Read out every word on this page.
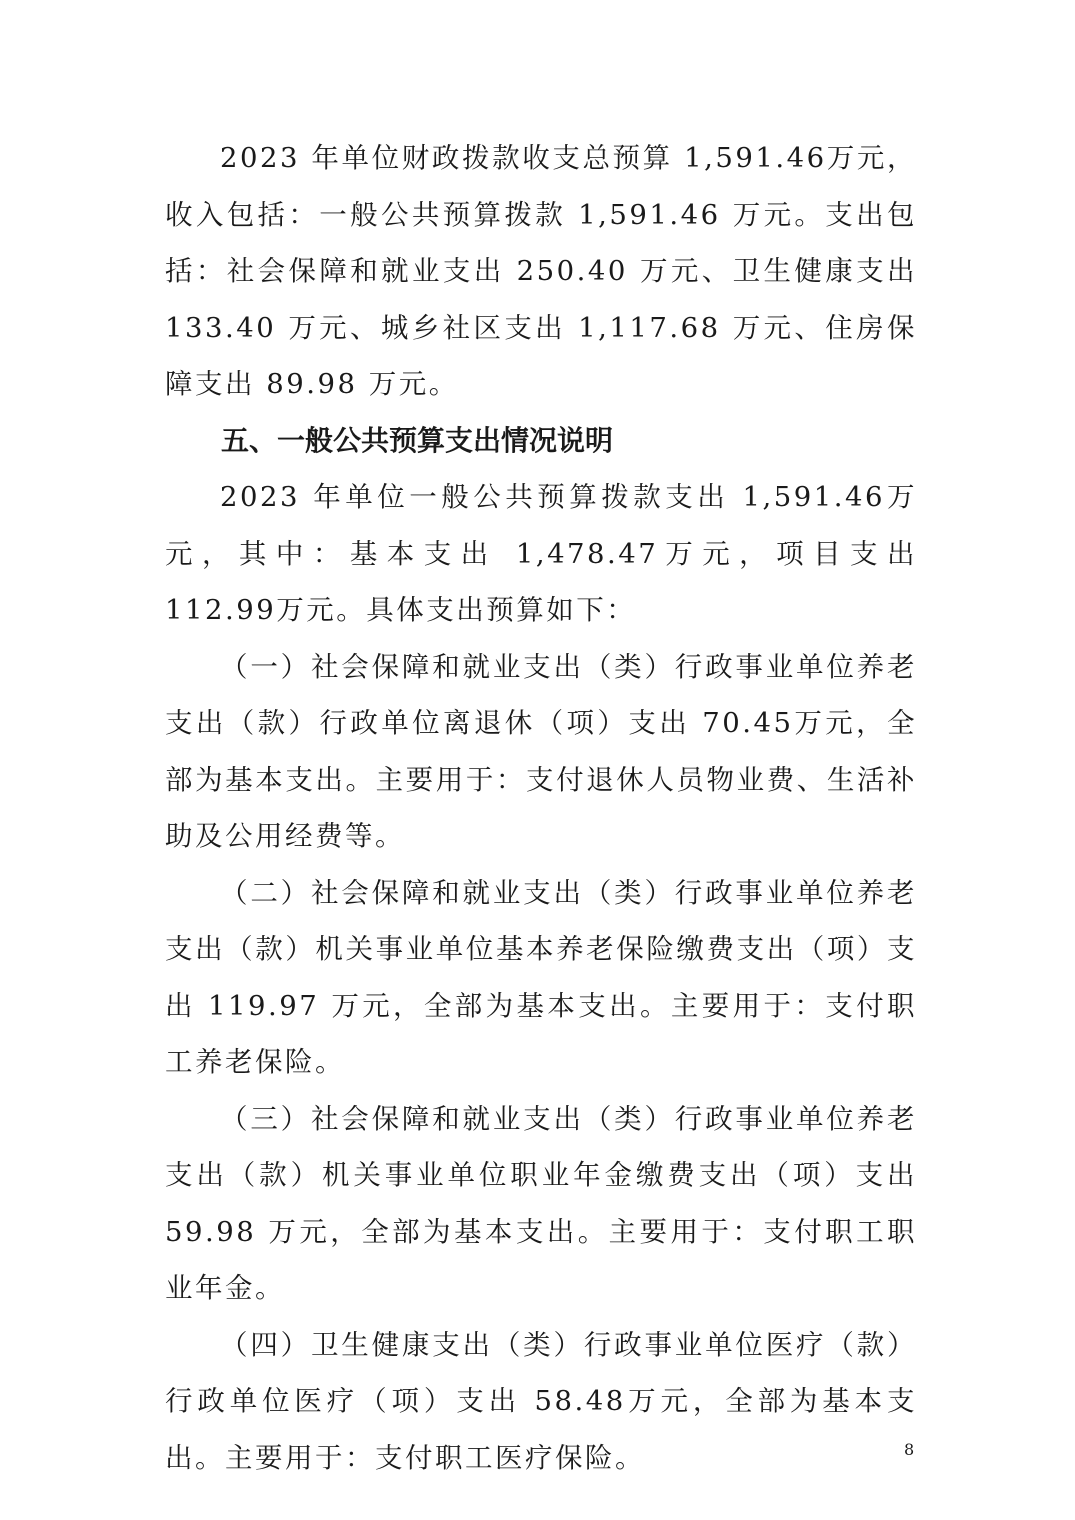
2023 年单位财政拨款收支总预算 1,591.46万元，收入包括：一般公共预算拨款 1,591.46 万元。支出包括：社会保障和就业支出 250.40 万元、卫生健康支出 133.40 万元、城乡社区支出 1,117.68 万元、住房保障支出 89.98 万元。

五、一般公共预算支出情况说明

2023 年单位一般公共预算拨款支出 1,591.46万元，其中：基本支出 1,478.47万元，项目支出 112.99万元。具体支出预算如下：

（一）社会保障和就业支出（类）行政事业单位养老支出（款）行政单位离退休（项）支出 70.45万元，全部为基本支出。主要用于：支付退休人员物业费、生活补助及公用经费等。

（二）社会保障和就业支出（类）行政事业单位养老支出（款）机关事业单位基本养老保险缴费支出（项）支出 119.97 万元，全部为基本支出。主要用于：支付职工养老保险。

（三）社会保障和就业支出（类）行政事业单位养老支出（款）机关事业单位职业年金缴费支出（项）支出 59.98 万元，全部为基本支出。主要用于：支付职工职业年金。

（四）卫生健康支出（类）行政事业单位医疗（款）行政单位医疗（项）支出 58.48万元，全部为基本支出。主要用于：支付职工医疗保险。	8
